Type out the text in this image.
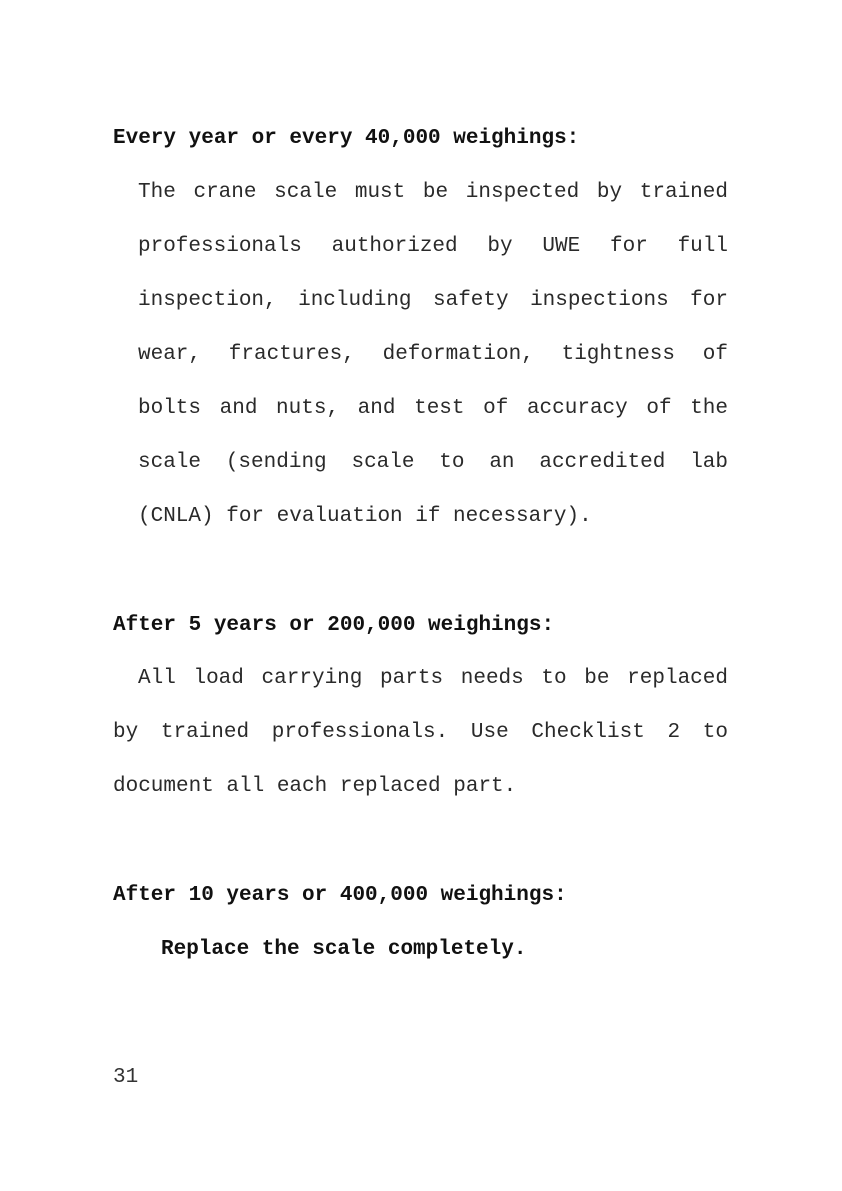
Every year or every 40,000 weighings:
The crane scale must be inspected by trained
professionals authorized by UWE for full
inspection, including safety inspections for
wear, fractures, deformation, tightness of
bolts and nuts, and test of accuracy of the
scale (sending scale to an accredited lab
(CNLA) for evaluation if necessary).
After 5 years or 200,000 weighings:
All load carrying parts needs to be replaced
by trained professionals. Use Checklist 2 to
document all each replaced part.
After 10 years or 400,000 weighings:
Replace the scale completely.
31
